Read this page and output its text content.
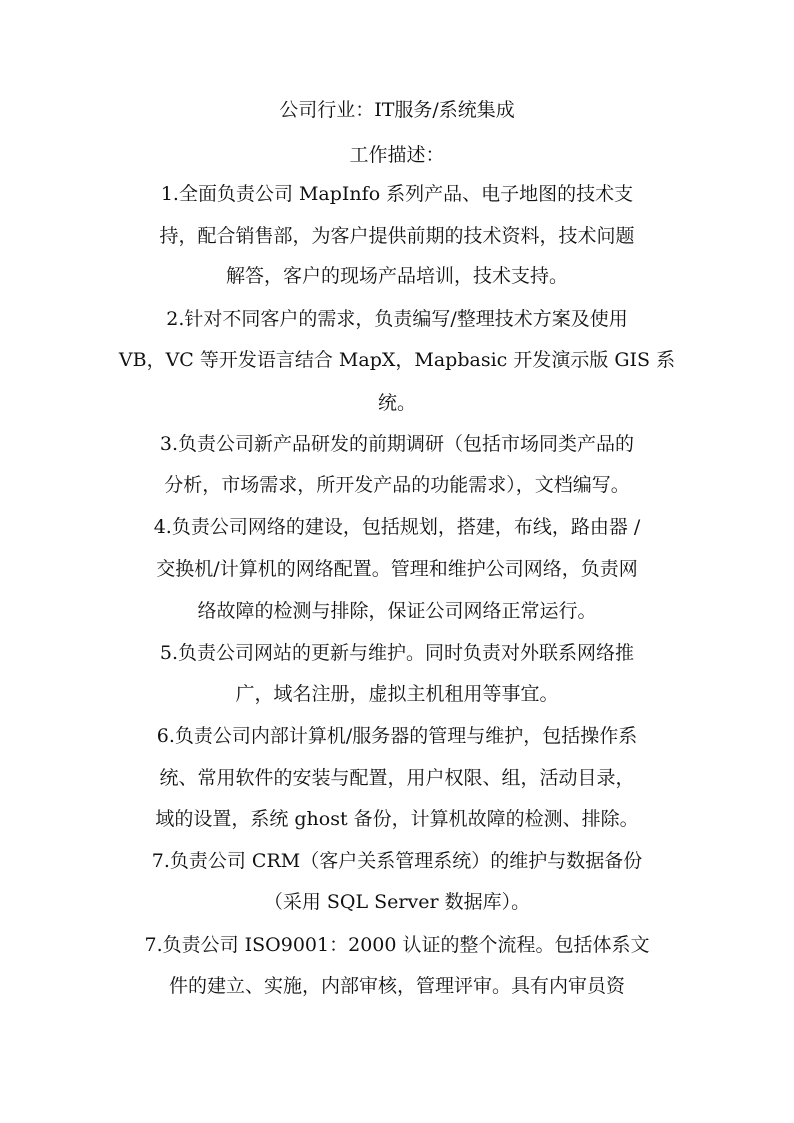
公司行业：IT服务/系统集成
工作描述：
1.全面负责公司 MapInfo 系列产品、电子地图的技术支
持，配合销售部，为客户提供前期的技术资料，技术问题
解答，客户的现场产品培训，技术支持。
2.针对不同客户的需求，负责编写/整理技术方案及使用
VB，VC 等开发语言结合 MapX，Mapbasic 开发演示版 GIS 系
统。
3.负责公司新产品研发的前期调研（包括市场同类产品的
分析，市场需求，所开发产品的功能需求），文档编写。
4.负责公司网络的建设，包括规划，搭建，布线，路由器 /
交换机/计算机的网络配置。管理和维护公司网络，负责网
络故障的检测与排除，保证公司网络正常运行。
5.负责公司网站的更新与维护。同时负责对外联系网络推
广，域名注册，虚拟主机租用等事宜。
6.负责公司内部计算机/服务器的管理与维护，包括操作系
统、常用软件的安装与配置，用户权限、组，活动目录，
域的设置，系统 ghost 备份，计算机故障的检测、排除。
7.负责公司 CRM（客户关系管理系统）的维护与数据备份
（采用 SQL Server 数据库）。
7.负责公司 ISO9001：2000 认证的整个流程。包括体系文
件的建立、实施，内部审核，管理评审。具有内审员资
